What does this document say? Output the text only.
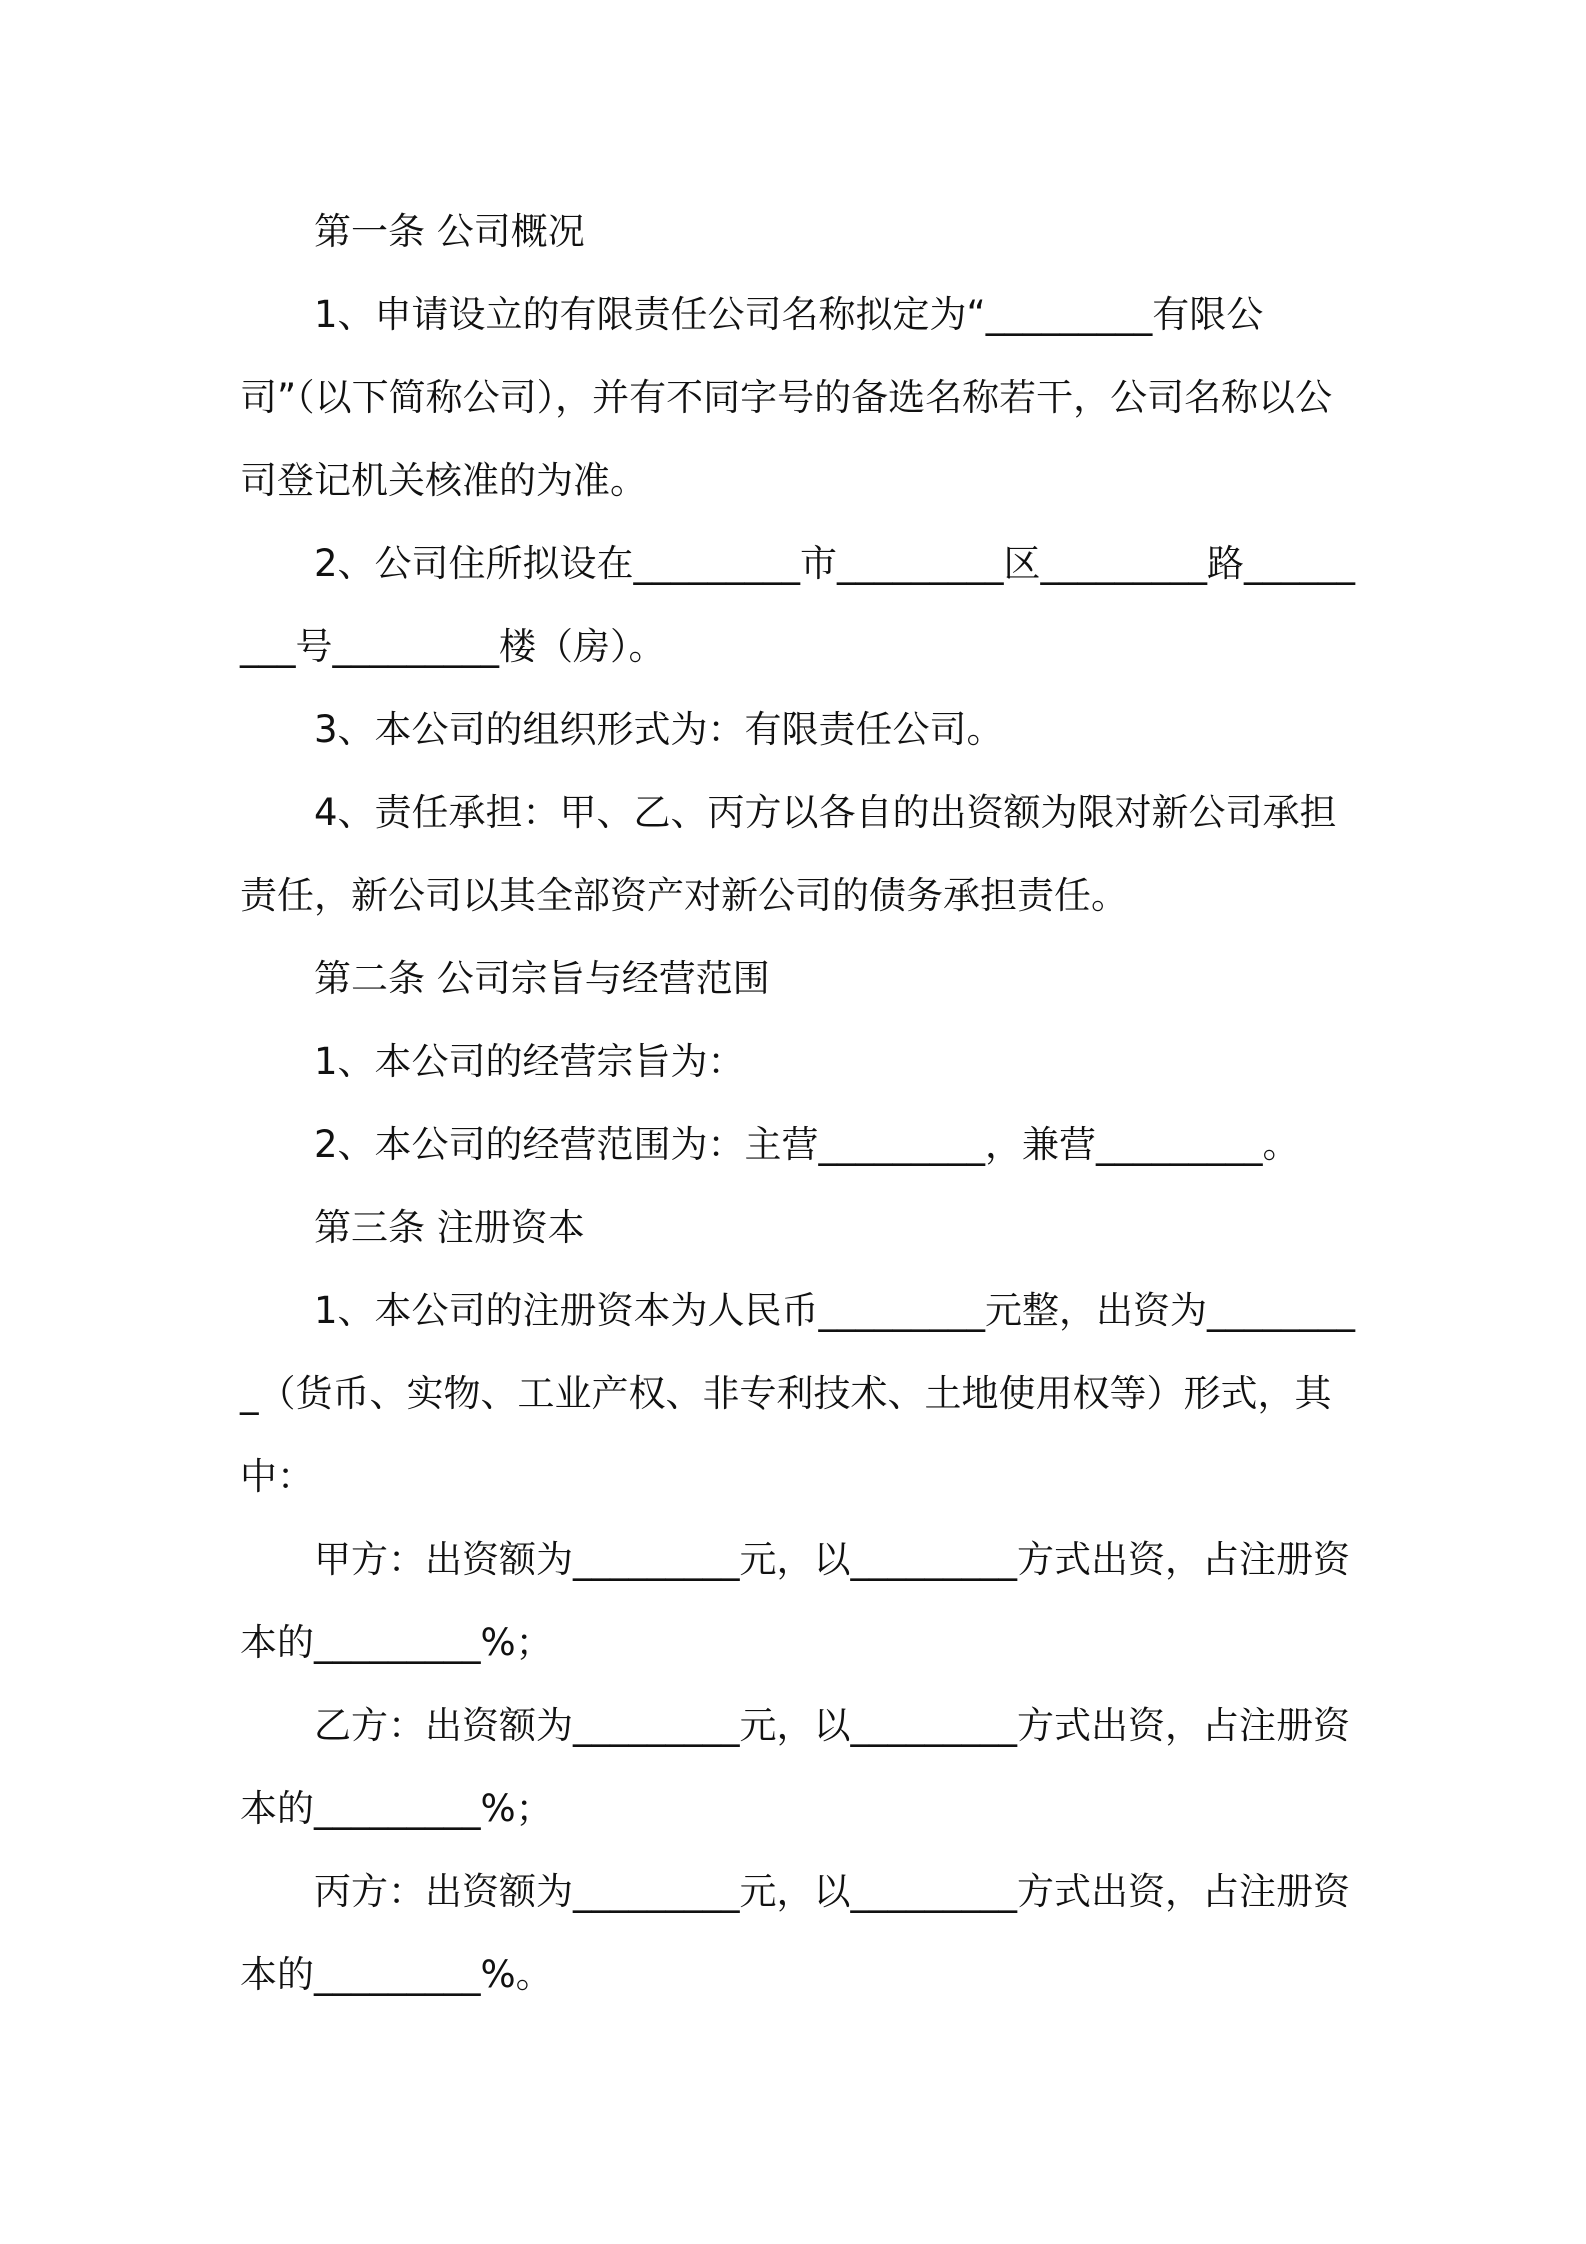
第一条 公司概况

1、申请设立的有限责任公司名称拟定为“_________有限公司”（以下简称公司），并有不同字号的备选名称若干，公司名称以公司登记机关核准的为准。

2、公司住所拟设在_________市_________区_________路_________号_________楼（房）。

3、本公司的组织形式为：有限责任公司。

4、责任承担：甲、乙、丙方以各自的出资额为限对新公司承担责任，新公司以其全部资产对新公司的债务承担责任。

第二条 公司宗旨与经营范围

1、本公司的经营宗旨为：

2、本公司的经营范围为：主营_________，兼营_________。

第三条 注册资本

1、本公司的注册资本为人民币_________元整，出资为_________（货币、实物、工业产权、非专利技术、土地使用权等）形式，其中：

甲方：出资额为_________元，以_________方式出资，占注册资本的_________%；

乙方：出资额为_________元，以_________方式出资，占注册资本的_________%；

丙方：出资额为_________元，以_________方式出资，占注册资本的_________%。
